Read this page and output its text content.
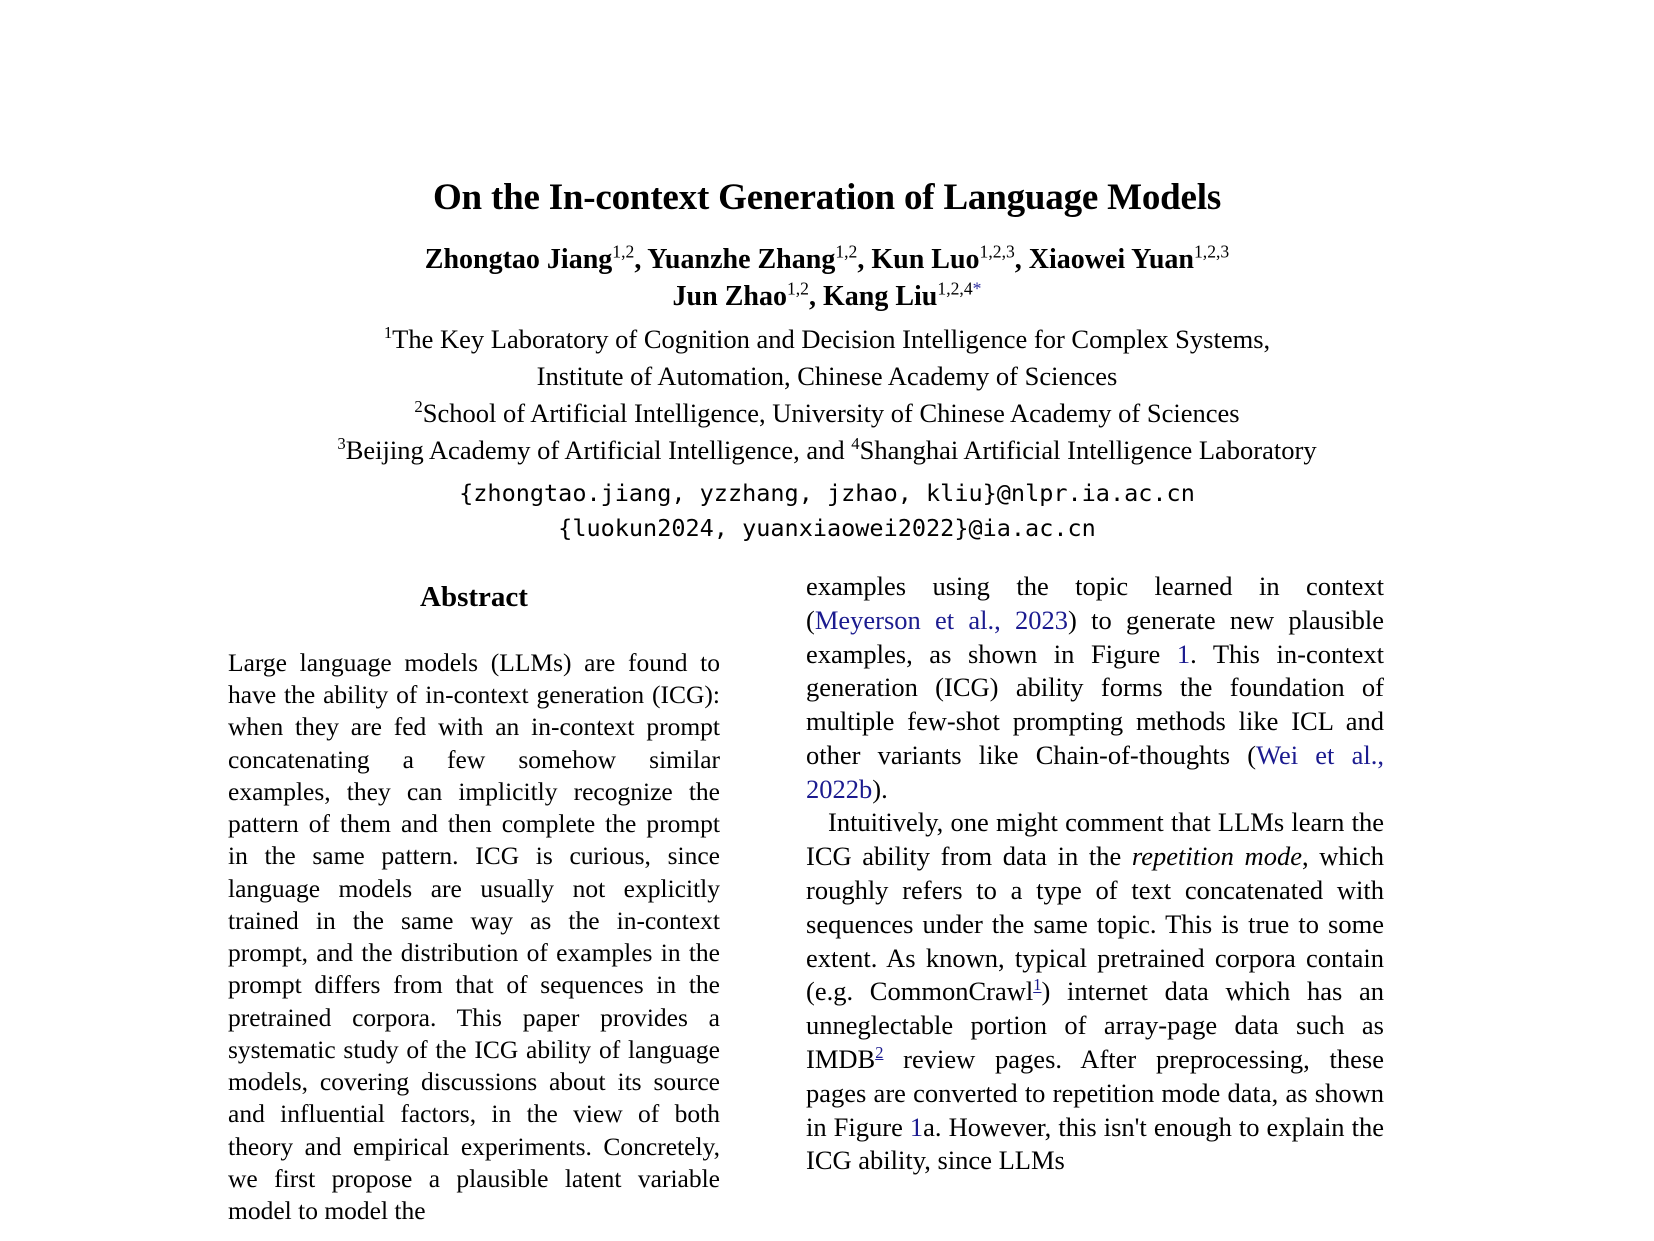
On the In-context Generation of Language Models
Zhongtao Jiang$^{1,2}$, Yuanzhe Zhang$^{1,2}$, Kun Luo$^{1,2,3}$, Xiaowei Yuan$^{1,2,3}$
Jun Zhao$^{1,2}$, Kang Liu$^{1,2,4*}$
$^1$The Key Laboratory of Cognition and Decision Intelligence for Complex Systems,
Institute of Automation, Chinese Academy of Sciences
$^2$School of Artificial Intelligence, University of Chinese Academy of Sciences
$^3$Beijing Academy of Artificial Intelligence, and $^4$Shanghai Artificial Intelligence Laboratory
{zhongtao.jiang, yzzhang, jzhao, kliu}@nlpr.ia.ac.cn
{luokun2024, yuanxiaowei2022}@ia.ac.cn
Abstract

Large language models (LLMs) are found to have the ability of in-context generation (ICG): when they are fed with an in-context prompt concatenating a few somehow similar examples, they can implicitly recognize the pattern of them and then complete the prompt in the same pattern. ICG is curious, since language models are usually not explicitly trained in the same way as the in-context prompt, and the distribution of examples in the prompt differs from that of sequences in the pretrained corpora. This paper provides a systematic study of the ICG ability of language models, covering discussions about its source and influential factors, in the view of both theory and empirical experiments. Concretely, we first propose a plausible latent variable model to model the

examples using the topic learned in context (Meyerson et al., 2023) to generate new plausible examples, as shown in Figure 1. This in-context generation (ICG) ability forms the foundation of multiple few-shot prompting methods like ICL and other variants like Chain-of-thoughts (Wei et al., 2022b).

Intuitively, one might comment that LLMs learn the ICG ability from data in the repetition mode, which roughly refers to a type of text concatenated with sequences under the same topic. This is true to some extent. As known, typical pretrained corpora contain (e.g. CommonCrawl$^1$) internet data which has an unneglectable portion of array-page data such as IMDB$^2$ review pages. After preprocessing, these pages are converted to repetition mode data, as shown in Figure 1a. However, this isn't enough to explain the ICG ability, since LLMs
